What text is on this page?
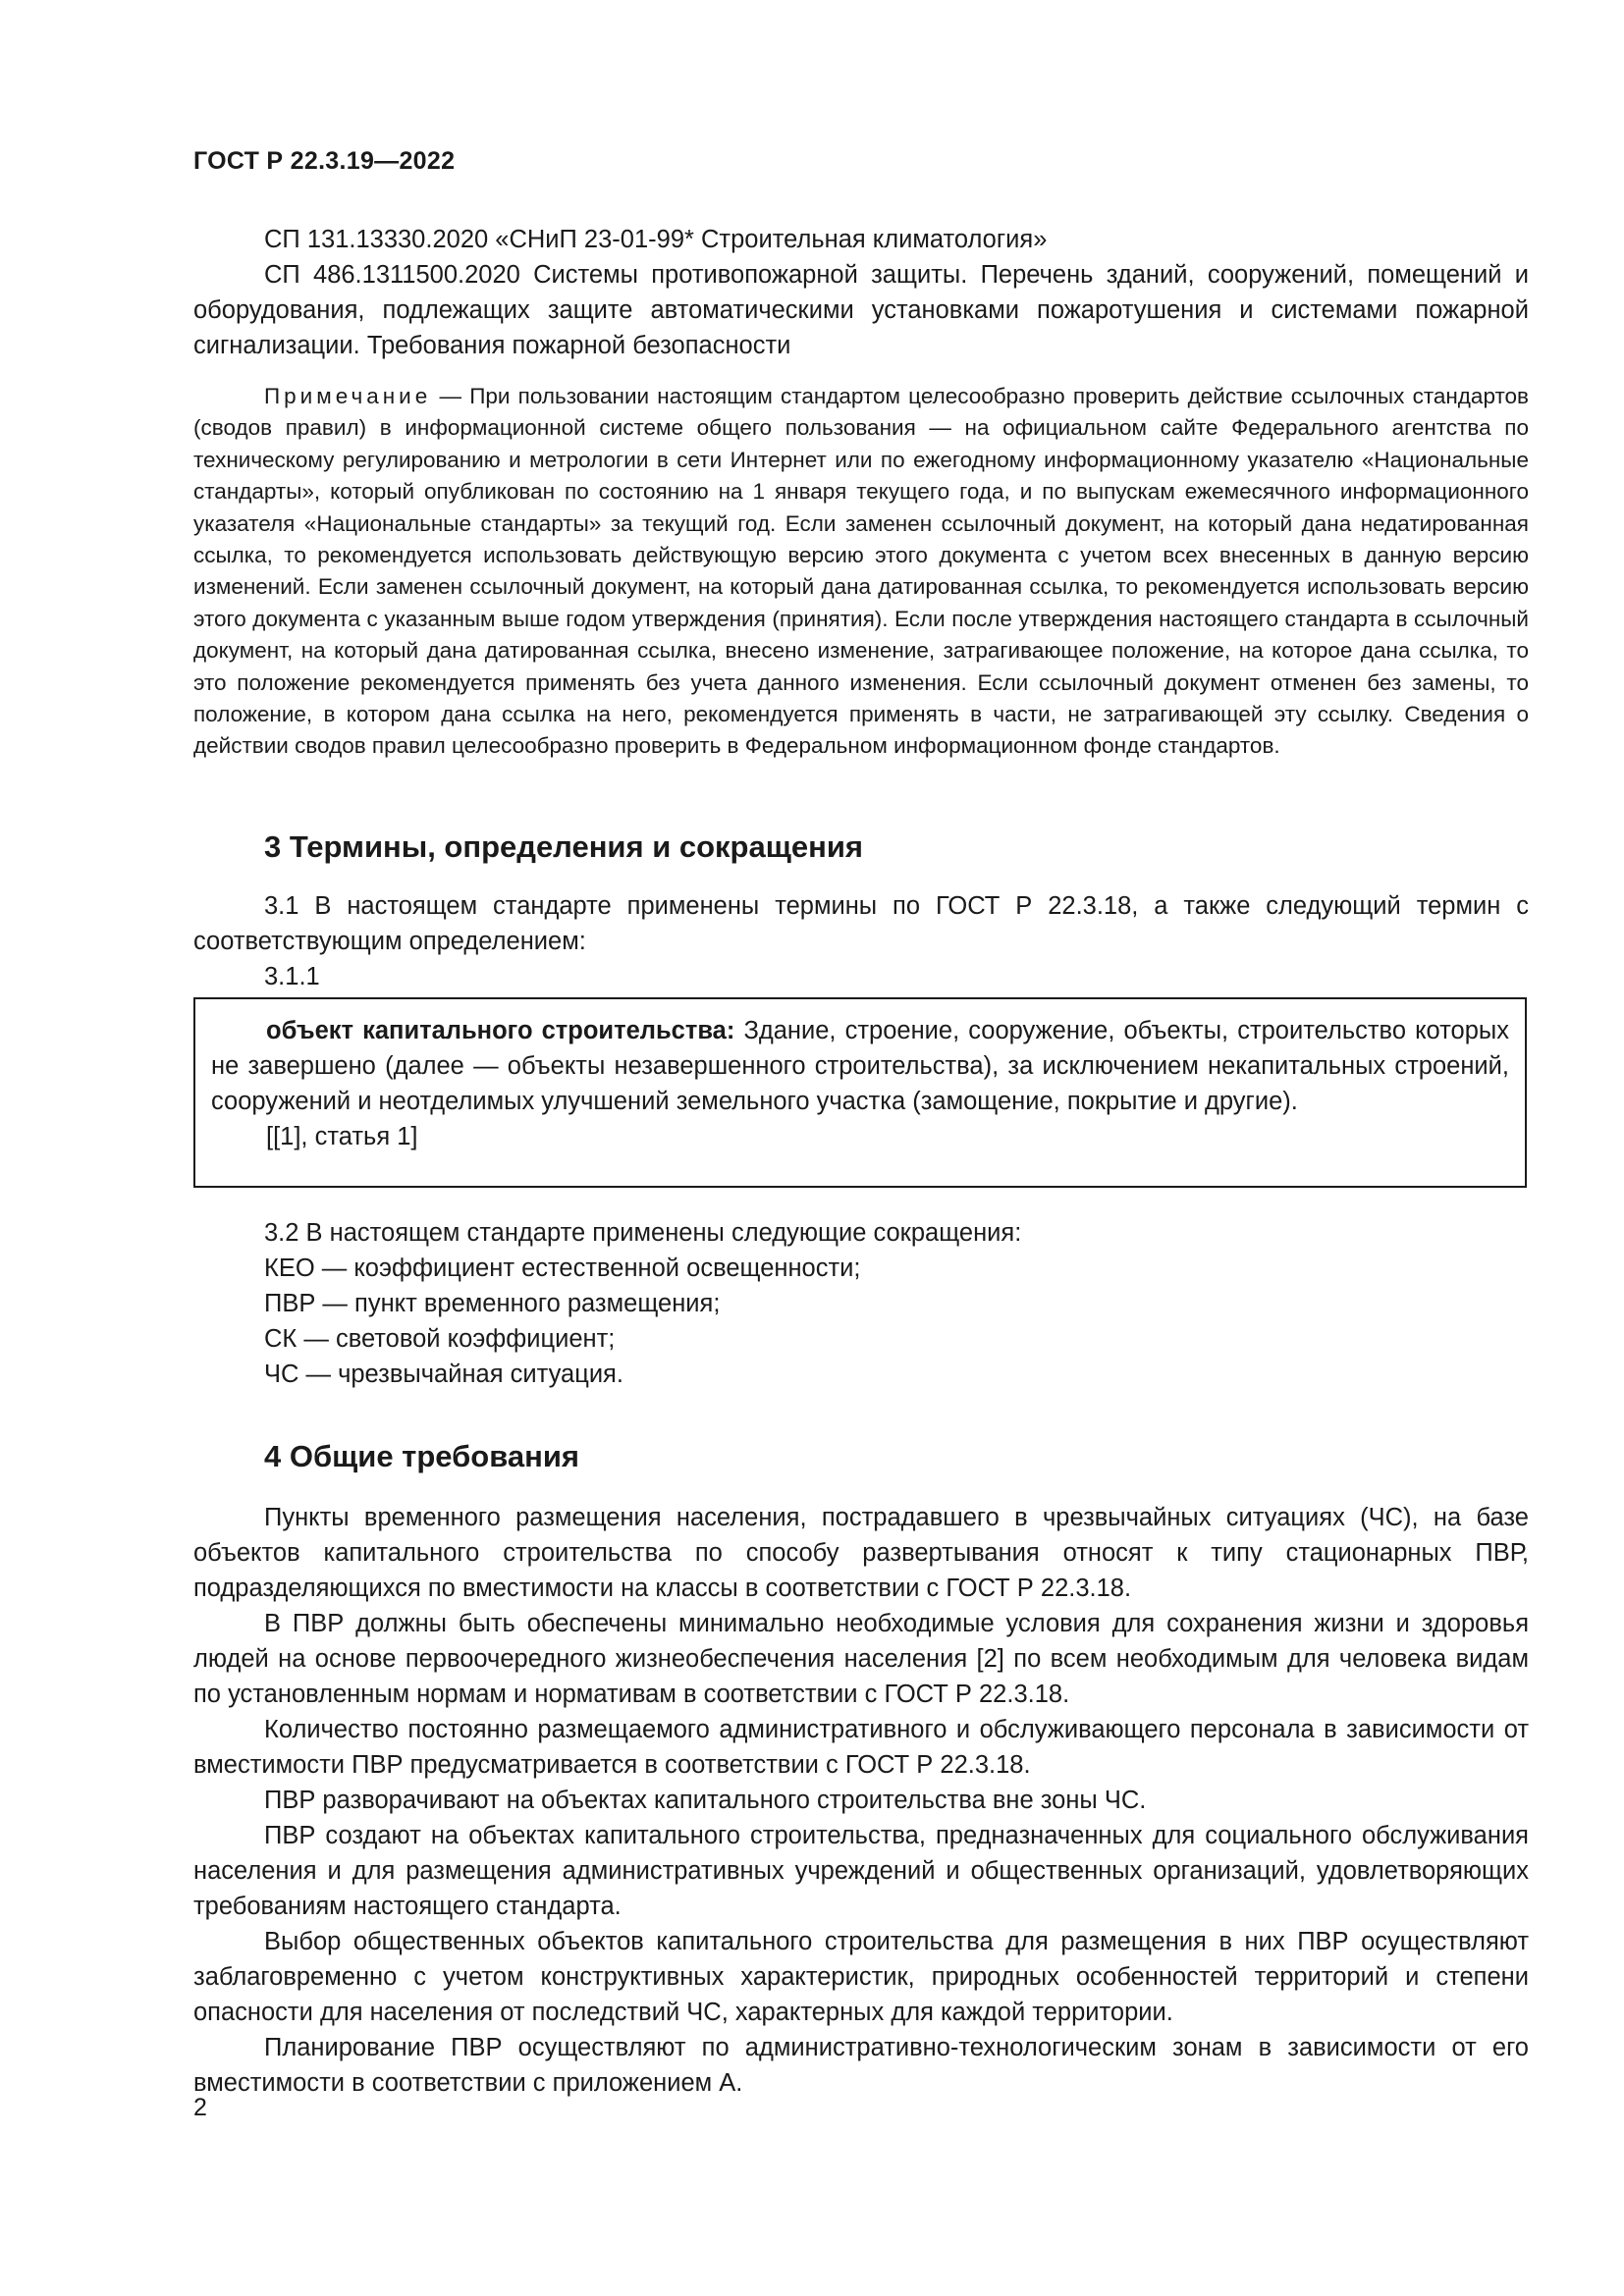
ГОСТ Р 22.3.19—2022

СП 131.13330.2020 «СНиП 23-01-99* Строительная климатология»

СП 486.1311500.2020 Системы противопожарной защиты. Перечень зданий, сооружений, помещений и оборудования, подлежащих защите автоматическими установками пожаротушения и системами пожарной сигнализации. Требования пожарной безопасности

Примечание — При пользовании настоящим стандартом целесообразно проверить действие ссылочных стандартов (сводов правил) в информационной системе общего пользования — на официальном сайте Федерального агентства по техническому регулированию и метрологии в сети Интернет или по ежегодному информационному указателю «Национальные стандарты», который опубликован по состоянию на 1 января текущего года, и по выпускам ежемесячного информационного указателя «Национальные стандарты» за текущий год. Если заменен ссылочный документ, на который дана недатированная ссылка, то рекомендуется использовать действующую версию этого документа с учетом всех внесенных в данную версию изменений. Если заменен ссылочный документ, на который дана датированная ссылка, то рекомендуется использовать версию этого документа с указанным выше годом утверждения (принятия). Если после утверждения настоящего стандарта в ссылочный документ, на который дана датированная ссылка, внесено изменение, затрагивающее положение, на которое дана ссылка, то это положение рекомендуется применять без учета данного изменения. Если ссылочный документ отменен без замены, то положение, в котором дана ссылка на него, рекомендуется применять в части, не затрагивающей эту ссылку. Сведения о действии сводов правил целесообразно проверить в Федеральном информационном фонде стандартов.

3 Термины, определения и сокращения

3.1 В настоящем стандарте применены термины по ГОСТ Р 22.3.18, а также следующий термин с соответствующим определением:

3.1.1

объект капитального строительства: Здание, строение, сооружение, объекты, строительство которых не завершено (далее — объекты незавершенного строительства), за исключением некапитальных строений, сооружений и неотделимых улучшений земельного участка (замощение, покрытие и другие).

[[1], статья 1]

3.2 В настоящем стандарте применены следующие сокращения:

КЕО — коэффициент естественной освещенности;

ПВР — пункт временного размещения;

СК — световой коэффициент;

ЧС — чрезвычайная ситуация.

4 Общие требования

Пункты временного размещения населения, пострадавшего в чрезвычайных ситуациях (ЧС), на базе объектов капитального строительства по способу развертывания относят к типу стационарных ПВР, подразделяющихся по вместимости на классы в соответствии с ГОСТ Р 22.3.18.

В ПВР должны быть обеспечены минимально необходимые условия для сохранения жизни и здоровья людей на основе первоочередного жизнеобеспечения населения [2] по всем необходимым для человека видам по установленным нормам и нормативам в соответствии с ГОСТ Р 22.3.18.

Количество постоянно размещаемого административного и обслуживающего персонала в зависимости от вместимости ПВР предусматривается в соответствии с ГОСТ Р 22.3.18.

ПВР разворачивают на объектах капитального строительства вне зоны ЧС.

ПВР создают на объектах капитального строительства, предназначенных для социального обслуживания населения и для размещения административных учреждений и общественных организаций, удовлетворяющих требованиям настоящего стандарта.

Выбор общественных объектов капитального строительства для размещения в них ПВР осуществляют заблаговременно с учетом конструктивных характеристик, природных особенностей территорий и степени опасности для населения от последствий ЧС, характерных для каждой территории.

Планирование ПВР осуществляют по административно-технологическим зонам в зависимости от его вместимости в соответствии с приложением А.

2
